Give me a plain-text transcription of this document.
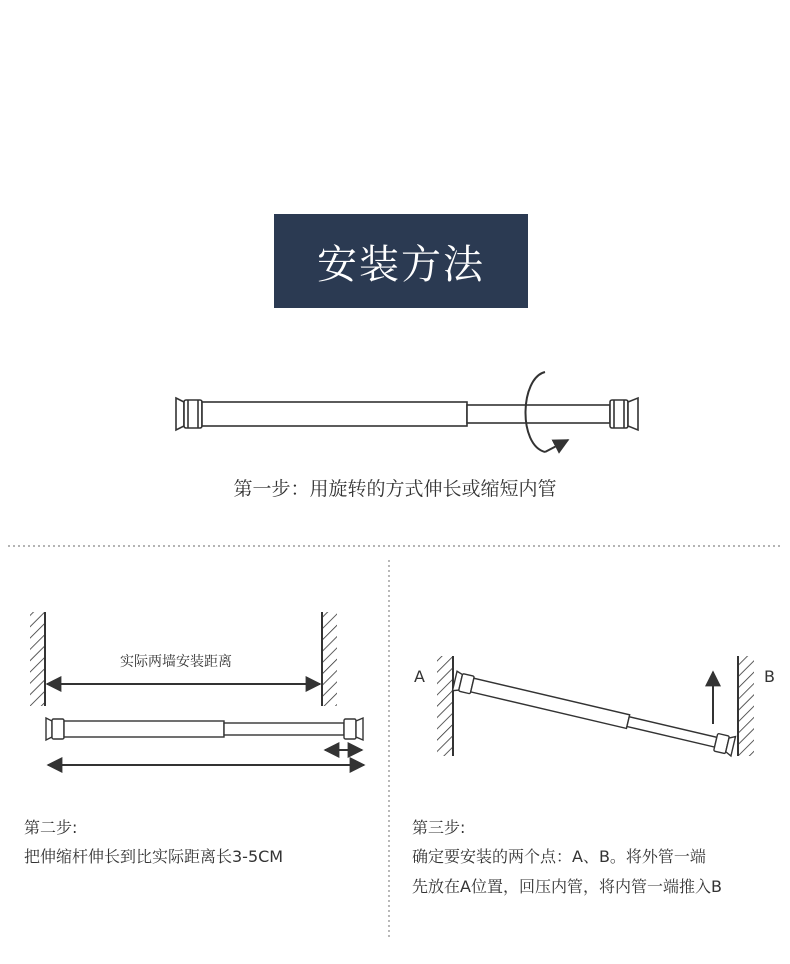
安装方法
第一步：用旋转的方式伸长或缩短内管
实际两墙安装距离
A	B
第二步:
把伸缩杆伸长到比实际距离长3-5CM
第三步:
确定要安装的两个点：A、B。将外管一端
先放在A位置，回压内管，将内管一端推入B
